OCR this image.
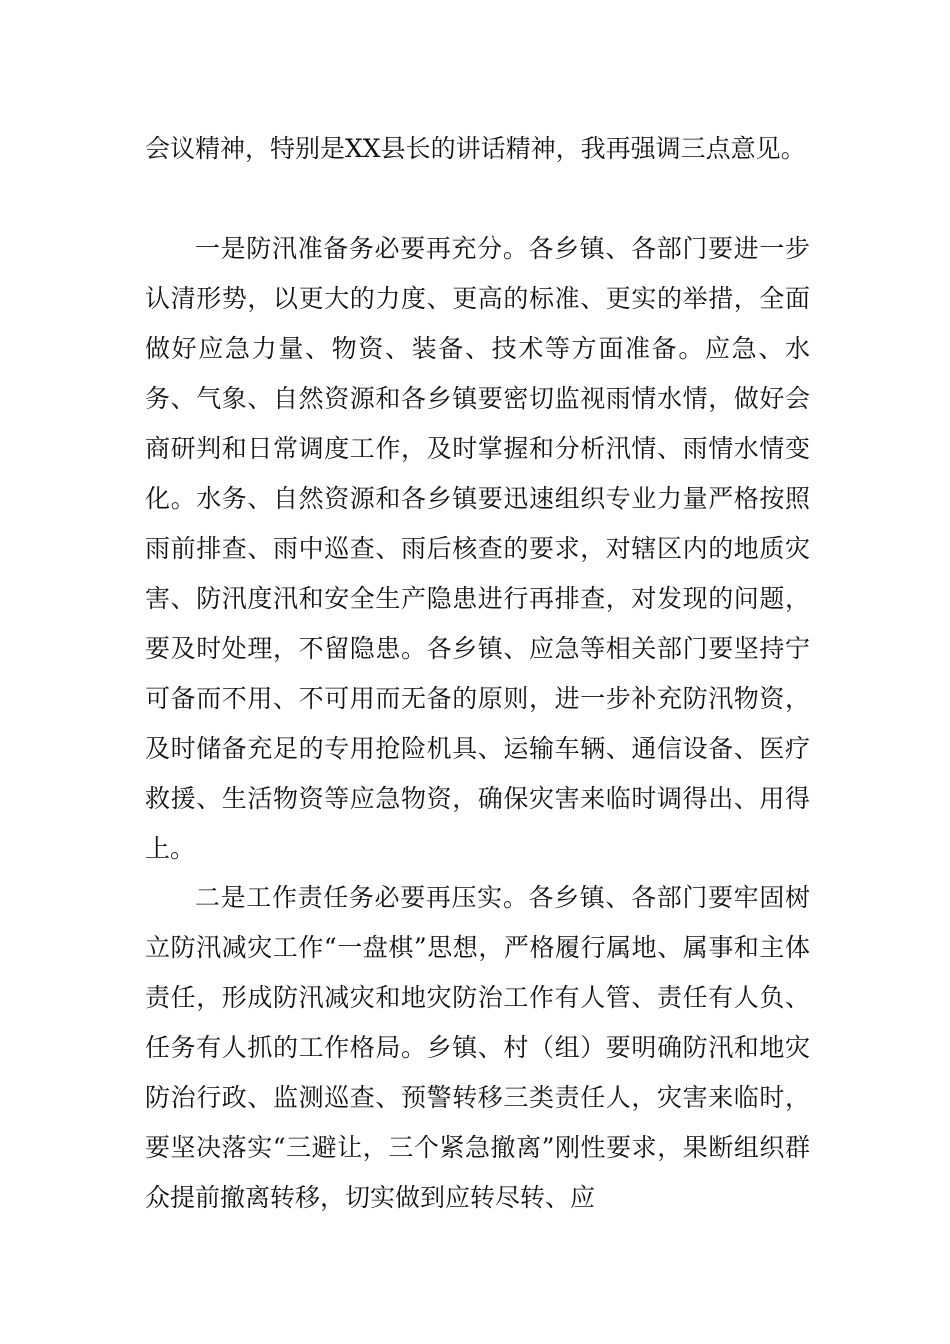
会议精神，特别是XX县长的讲话精神，我再强调三点意见。

一是防汛准备务必要再充分。各乡镇、各部门要进一步认清形势，以更大的力度、更高的标准、更实的举措，全面做好应急力量、物资、装备、技术等方面准备。应急、水务、气象、自然资源和各乡镇要密切监视雨情水情，做好会商研判和日常调度工作，及时掌握和分析汛情、雨情水情变化。水务、自然资源和各乡镇要迅速组织专业力量严格按照雨前排查、雨中巡查、雨后核查的要求，对辖区内的地质灾害、防汛度汛和安全生产隐患进行再排查，对发现的问题，要及时处理，不留隐患。各乡镇、应急等相关部门要坚持宁可备而不用、不可用而无备的原则，进一步补充防汛物资，及时储备充足的专用抢险机具、运输车辆、通信设备、医疗救援、生活物资等应急物资，确保灾害来临时调得出、用得上。

二是工作责任务必要再压实。各乡镇、各部门要牢固树立防汛减灾工作“一盘棋”思想，严格履行属地、属事和主体责任，形成防汛减灾和地灾防治工作有人管、责任有人负、任务有人抓的工作格局。乡镇、村（组）要明确防汛和地灾防治行政、监测巡查、预警转移三类责任人，灾害来临时，要坚决落实“三避让，三个紧急撤离”刚性要求，果断组织群众提前撤离转移，切实做到应转尽转、应
